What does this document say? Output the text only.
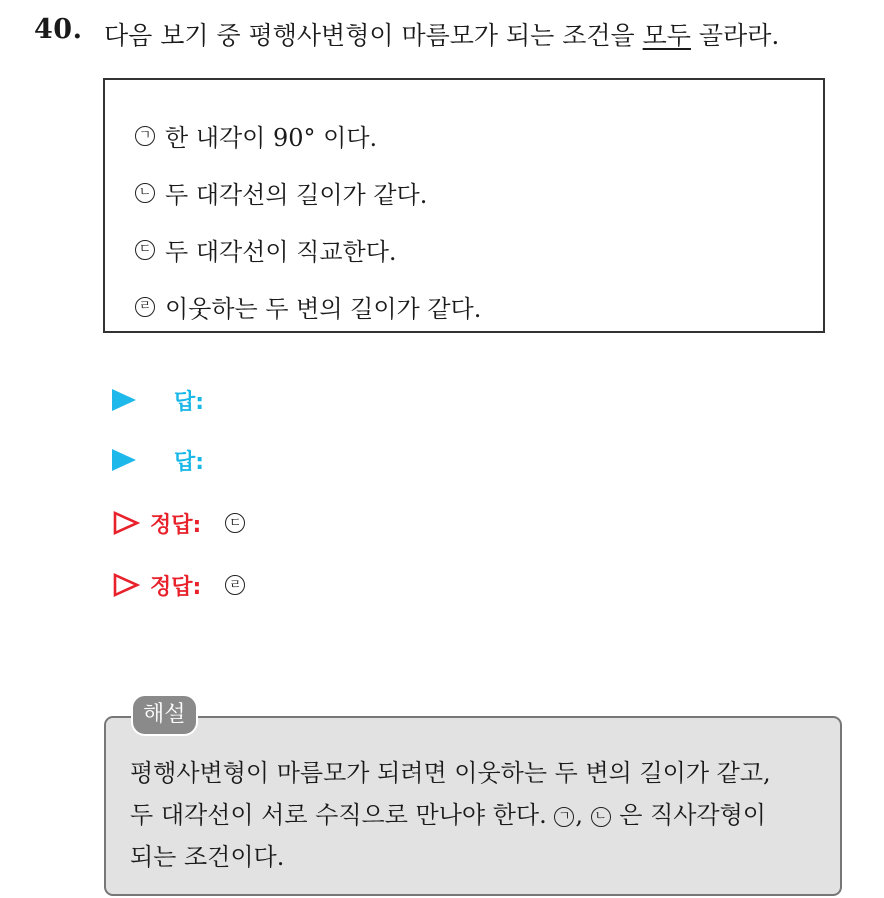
40. 다음 보기 중 평행사변형이 마름모가 되는 조건을 모두 골라라.
ㄱ 한 내각이 90° 이다.
ㄴ 두 대각선의 길이가 같다.
ㄷ 두 대각선이 직교한다.
ㄹ 이웃하는 두 변의 길이가 같다.
답:
답:
정답: ㄷ
정답: ㄹ
평행사변형이 마름모가 되려면 이웃하는 두 변의 길이가 같고,
두 대각선이 서로 수직으로 만나야 한다. ㄱ , ㄴ 은 직사각형이
되는 조건이다.
해설
